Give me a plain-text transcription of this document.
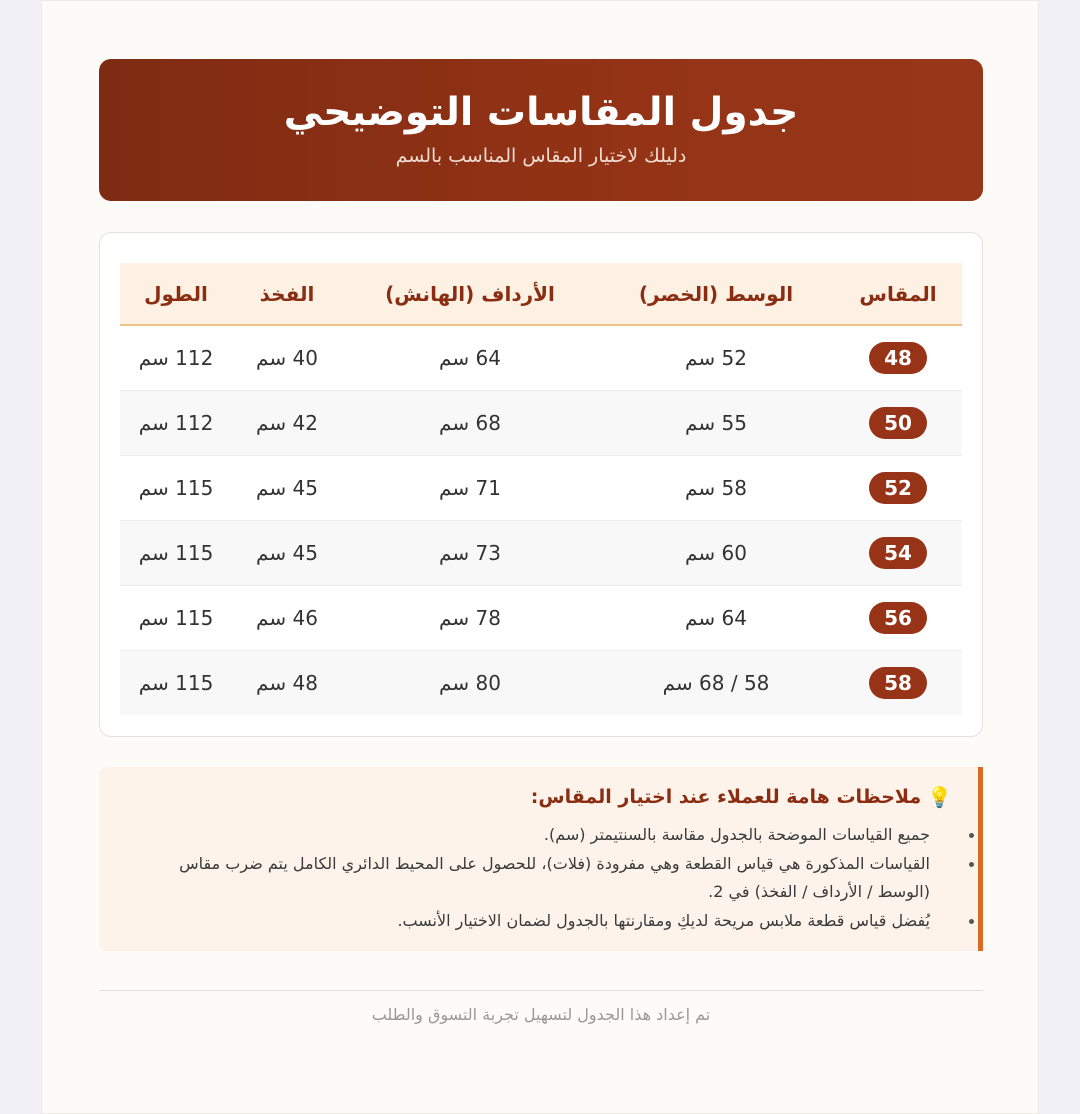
جدول المقاسات التوضيحي

دليلك لاختيار المقاس المناسب بالسم

المقاس	الوسط (الخصر)	الأرداف (الهانش)	الفخذ	الطول
48	52 سم	64 سم	40 سم	112 سم
50	55 سم	68 سم	42 سم	112 سم
52	58 سم	71 سم	45 سم	115 سم
54	60 سم	73 سم	45 سم	115 سم
56	64 سم	78 سم	46 سم	115 سم
58	58 / 68 سم	80 سم	48 سم	115 سم
💡
ملاحظات هامة للعملاء عند اختيار المقاس:
جميع القياسات الموضحة بالجدول مقاسة بالسنتيمتر (سم).
القياسات المذكورة هي قياس القطعة وهي مفرودة (فلات)، للحصول على المحيط الدائري الكامل يتم ضرب مقاس (الوسط / الأرداف / الفخذ) في 2.
يُفضل قياس قطعة ملابس مريحة لديكِ ومقارنتها بالجدول لضمان الاختيار الأنسب.
تم إعداد هذا الجدول لتسهيل تجربة التسوق والطلب
